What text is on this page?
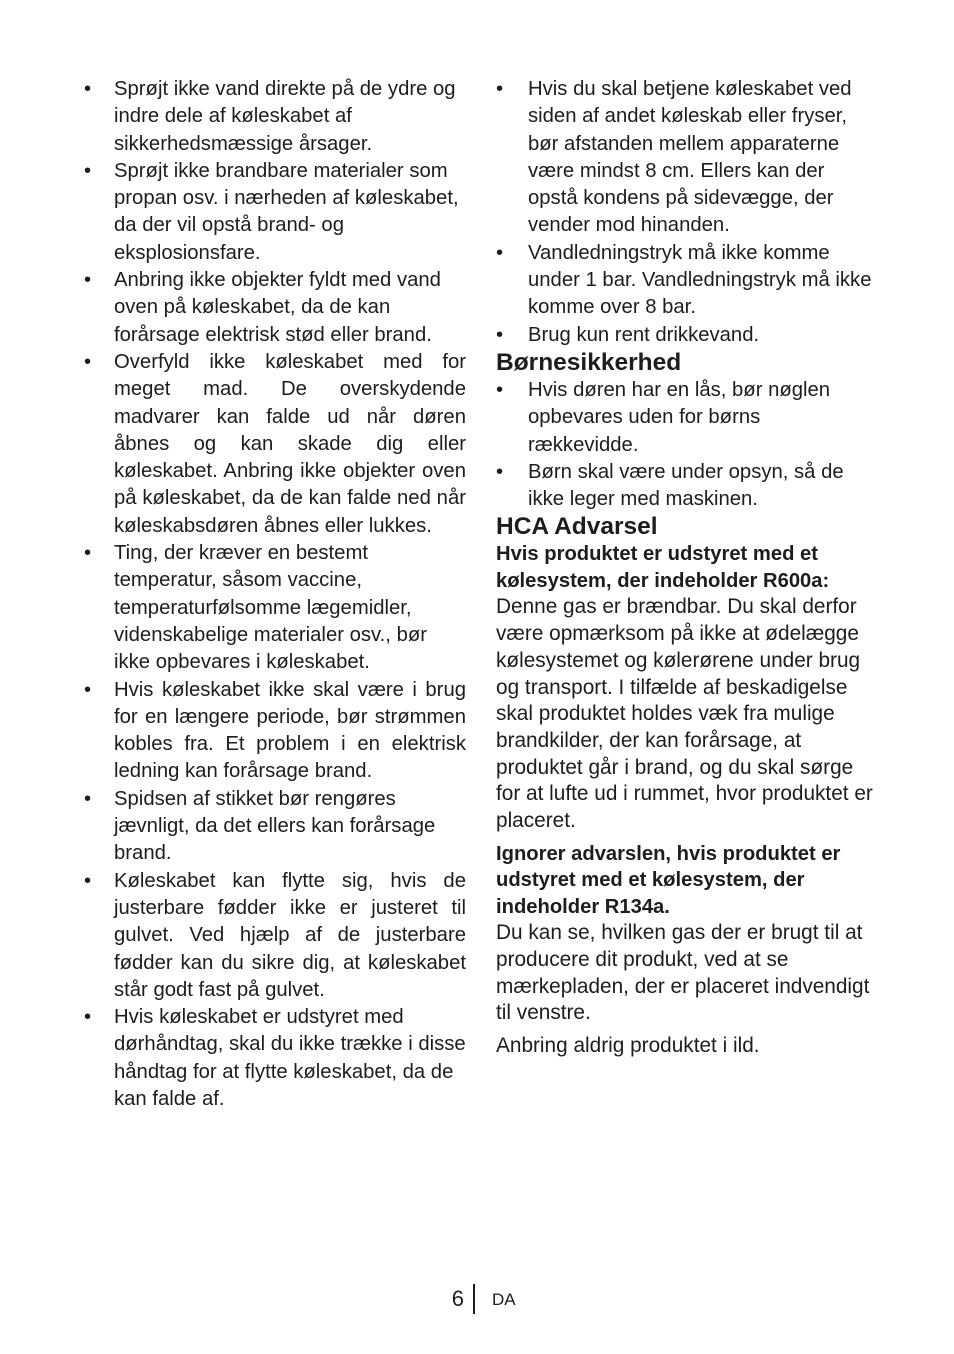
• Sprøjt ikke vand direkte på de ydre og indre dele af køleskabet af sikkerhedsmæssige årsager.
• Sprøjt ikke brandbare materialer som propan osv. i nærheden af køleskabet, da der vil opstå brand- og eksplosionsfare.
• Anbring ikke objekter fyldt med vand oven på køleskabet, da de kan forårsage elektrisk stød eller brand.
• Overfyld ikke køleskabet med for meget mad. De overskydende madvarer kan falde ud når døren åbnes og kan skade dig eller køleskabet. Anbring ikke objekter oven på køleskabet, da de kan falde ned når køleskabsdøren åbnes eller lukkes.
• Ting, der kræver en bestemt temperatur, såsom vaccine, temperaturfølsomme lægemidler, videnskabelige materialer osv., bør ikke opbevares i køleskabet.
• Hvis køleskabet ikke skal være i brug for en længere periode, bør strømmen kobles fra. Et problem i en elektrisk ledning kan forårsage brand.
• Spidsen af stikket bør rengøres jævnligt, da det ellers kan forårsage brand.
• Køleskabet kan flytte sig, hvis de justerbare fødder ikke er justeret til gulvet. Ved hjælp af de justerbare fødder kan du sikre dig, at køleskabet står godt fast på gulvet.
• Hvis køleskabet er udstyret med dørhåndtag, skal du ikke trække i disse håndtag for at flytte køleskabet, da de kan falde af.
• Hvis du skal betjene køleskabet ved siden af andet køleskab eller fryser, bør afstanden mellem apparaterne være mindst 8 cm. Ellers kan der opstå kondens på sidevægge, der vender mod hinanden.
• Vandledningstryk må ikke komme under 1 bar. Vandledningstryk må ikke komme over 8 bar.
• Brug kun rent drikkevand.
Børnesikkerhed
• Hvis døren har en lås, bør nøglen opbevares uden for børns rækkevidde.
• Børn skal være under opsyn, så de ikke leger med maskinen.
HCA Advarsel

Hvis produktet er udstyret med et kølesystem, der indeholder R600a:

Denne gas er brændbar. Du skal derfor være opmærksom på ikke at ødelægge kølesystemet og kølerørene under brug og transport. I tilfælde af beskadigelse skal produktet holdes væk fra mulige brandkilder, der kan forårsage, at produktet går i brand, og du skal sørge for at lufte ud i rummet, hvor produktet er placeret.

Ignorer advarslen, hvis produktet er udstyret med et kølesystem, der indeholder R134a.

Du kan se, hvilken gas der er brugt til at producere dit produkt, ved at se mærkepladen, der er placeret indvendigt til venstre.

Anbring aldrig produktet i ild.

6 DA
